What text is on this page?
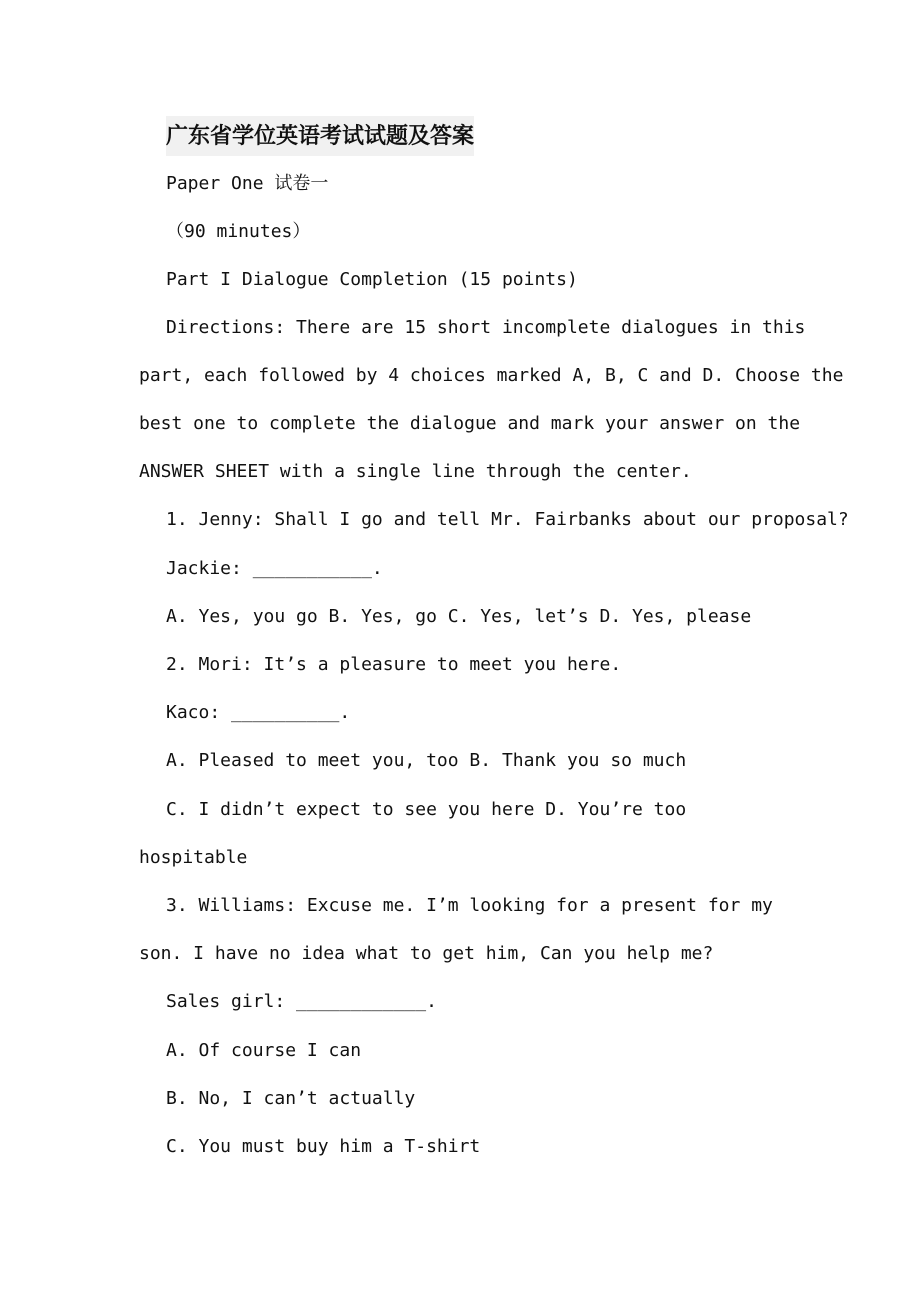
广东省学位英语考试试题及答案

Paper One 试卷一

（90 minutes）

Part I Dialogue Completion (15 points)

Directions: There are 15 short incomplete dialogues in this

part, each followed by 4 choices marked A, B, C and D. Choose the

best one to complete the dialogue and mark your answer on the

ANSWER SHEET with a single line through the center.

1. Jenny: Shall I go and tell Mr. Fairbanks about our proposal?

Jackie: ___________.

A. Yes, you go B. Yes, go C. Yes, let’s D. Yes, please

2. Mori: It’s a pleasure to meet you here.

Kaco: __________.

A. Pleased to meet you, too B. Thank you so much

C. I didn’t expect to see you here D. You’re too

hospitable

3. Williams: Excuse me. I’m looking for a present for my

son. I have no idea what to get him, Can you help me?

Sales girl: ____________.

A. Of course I can

B. No, I can’t actually

C. You must buy him a T-shirt
